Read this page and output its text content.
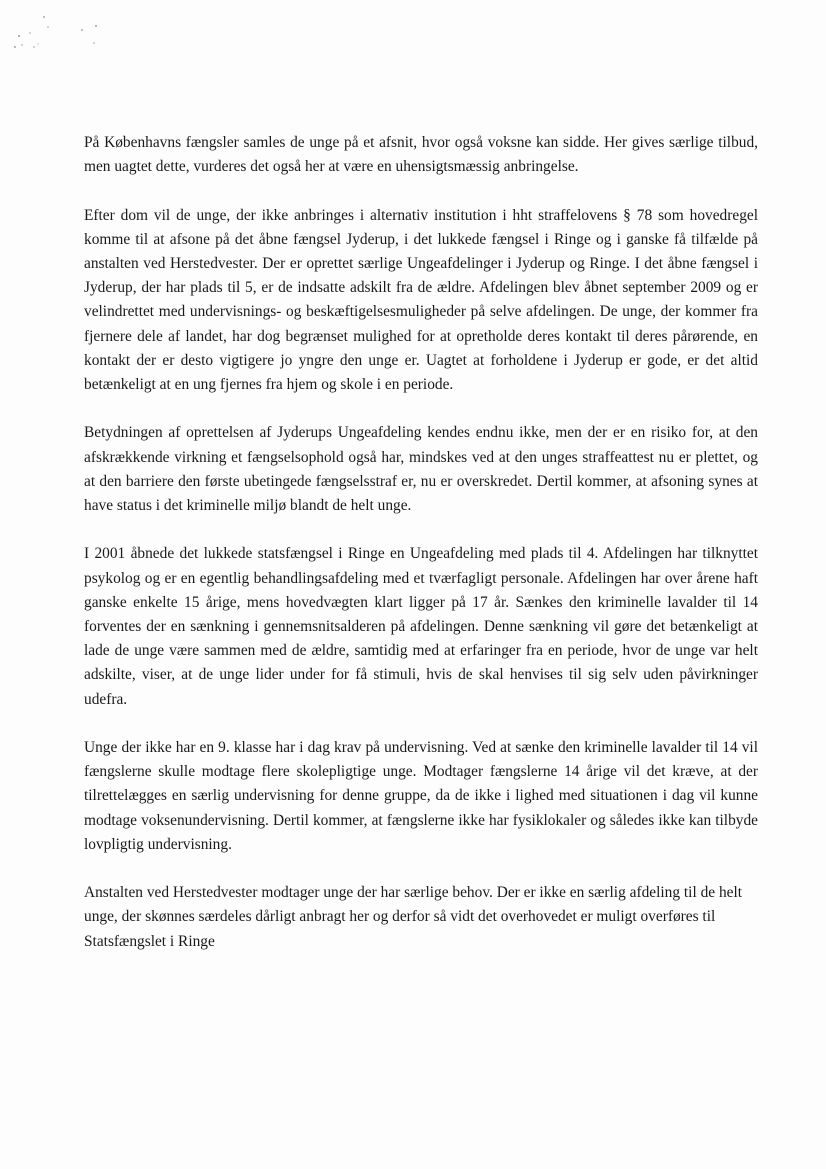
På Københavns fængsler samles de unge på et afsnit, hvor også voksne kan sidde. Her gives særlige tilbud, men uagtet dette, vurderes det også her at være en uhensigtsmæssig anbringelse.

Efter dom vil de unge, der ikke anbringes i alternativ institution i hht straffelovens § 78 som hovedregel komme til at afsone på det åbne fængsel Jyderup, i det lukkede fængsel i Ringe og i ganske få tilfælde på anstalten ved Herstedvester. Der er oprettet særlige Ungeafdelinger i Jyderup og Ringe. I det åbne fængsel i Jyderup, der har plads til 5, er de indsatte adskilt fra de ældre. Afdelingen blev åbnet september 2009 og er velindrettet med undervisnings- og beskæftigelsesmuligheder på selve afdelingen. De unge, der kommer fra fjernere dele af landet, har dog begrænset mulighed for at opretholde deres kontakt til deres pårørende, en kontakt der er desto vigtigere jo yngre den unge er. Uagtet at forholdene i Jyderup er gode, er det altid betænkeligt at en ung fjernes fra hjem og skole i en periode.

Betydningen af oprettelsen af Jyderups Ungeafdeling kendes endnu ikke, men der er en risiko for, at den afskrækkende virkning et fængselsophold også har, mindskes ved at den unges straffeattest nu er plettet, og at den barriere den første ubetingede fængselsstraf er, nu er overskredet. Dertil kommer, at afsoning synes at have status i det kriminelle miljø blandt de helt unge.

I 2001 åbnede det lukkede statsfængsel i Ringe en Ungeafdeling med plads til 4. Afdelingen har tilknyttet psykolog og er en egentlig behandlingsafdeling med et tværfagligt personale. Afdelingen har over årene haft ganske enkelte 15 årige, mens hovedvægten klart ligger på 17 år. Sænkes den kriminelle lavalder til 14 forventes der en sænkning i gennemsnitsalderen på afdelingen. Denne sænkning vil gøre det betænkeligt at lade de unge være sammen med de ældre, samtidig med at erfaringer fra en periode, hvor de unge var helt adskilte, viser, at de unge lider under for få stimuli, hvis de skal henvises til sig selv uden påvirkninger udefra.

Unge der ikke har en 9. klasse har i dag krav på undervisning. Ved at sænke den kriminelle lavalder til 14 vil fængslerne skulle modtage flere skolepligtige unge. Modtager fængslerne 14 årige vil det kræve, at der tilrettelægges en særlig undervisning for denne gruppe, da de ikke i lighed med situationen i dag vil kunne modtage voksenundervisning. Dertil kommer, at fængslerne ikke har fysiklokaler og således ikke kan tilbyde lovpligtig undervisning.

Anstalten ved Herstedvester modtager unge der har særlige behov. Der er ikke en særlig afdeling til de helt unge, der skønnes særdeles dårligt anbragt her og derfor så vidt det overhovedet er muligt overføres til Statsfængslet i Ringe
